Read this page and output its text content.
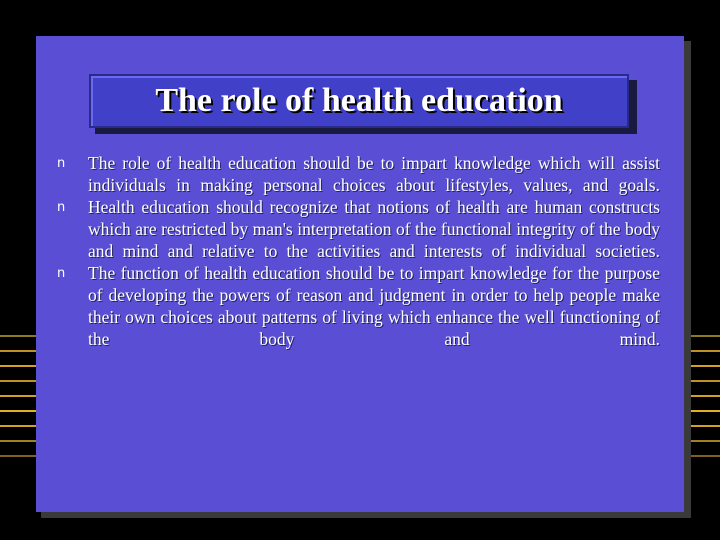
The role of health education
n The role of health education should be to impart knowledge which will assist individuals in making personal choices about lifestyles, values, and goals.
n Health education should recognize that notions of health are human constructs which are restricted by man's interpretation of the functional integrity of the body and mind and relative to the activities and interests of individual societies.
n The function of health education should be to impart knowledge for the purpose of developing the powers of reason and judgment in order to help people make their own choices about patterns of living which enhance the well functioning of the body and mind.
